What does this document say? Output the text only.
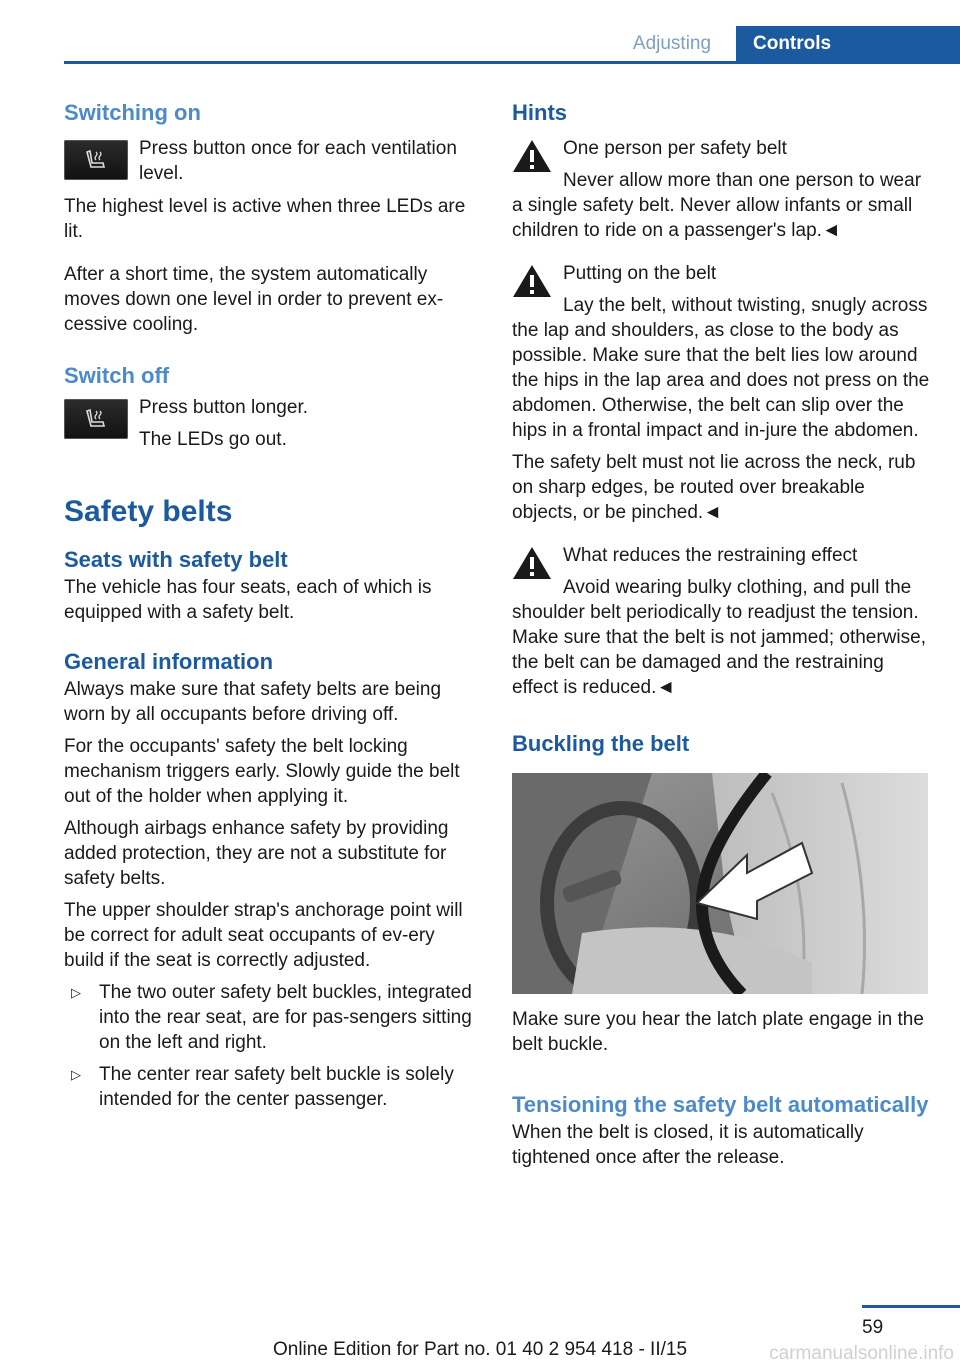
Adjusting	Controls
Switching on

Press button once for each ventilation level.

The highest level is active when three LEDs are lit.

After a short time, the system automatically moves down one level in order to prevent ex‐cessive cooling.

Switch off

Press button longer.

The LEDs go out.

Safety belts
Seats with safety belt

The vehicle has four seats, each of which is equipped with a safety belt.

General information

Always make sure that safety belts are being worn by all occupants before driving off.

For the occupants' safety the belt locking mechanism triggers early. Slowly guide the belt out of the holder when applying it.

Although airbags enhance safety by providing added protection, they are not a substitute for safety belts.

The upper shoulder strap's anchorage point will be correct for adult seat occupants of ev‐ery build if the seat is correctly adjusted.

▷ The two outer safety belt buckles, integrated into the rear seat, are for pas‐sengers sitting on the left and right.

▷ The center rear safety belt buckle is solely intended for the center passenger.

Hints

One person per safety belt

Never allow more than one person to wear a single safety belt. Never allow infants or small children to ride on a passenger's lap.◄

Putting on the belt

Lay the belt, without twisting, snugly across the lap and shoulders, as close to the body as possible. Make sure that the belt lies low around the hips in the lap area and does not press on the abdomen. Otherwise, the belt can slip over the hips in a frontal impact and in‐jure the abdomen.

The safety belt must not lie across the neck, rub on sharp edges, be routed over breakable objects, or be pinched.◄

What reduces the restraining effect

Avoid wearing bulky clothing, and pull the shoulder belt periodically to readjust the tension. Make sure that the belt is not jammed; otherwise, the belt can be damaged and the restraining effect is reduced.◄

Buckling the belt

Make sure you hear the latch plate engage in the belt buckle.

Tensioning the safety belt automatically

When the belt is closed, it is automatically tightened once after the release.

59
Online Edition for Part no. 01 40 2 954 418 - II/15	carmanualsonline.info
